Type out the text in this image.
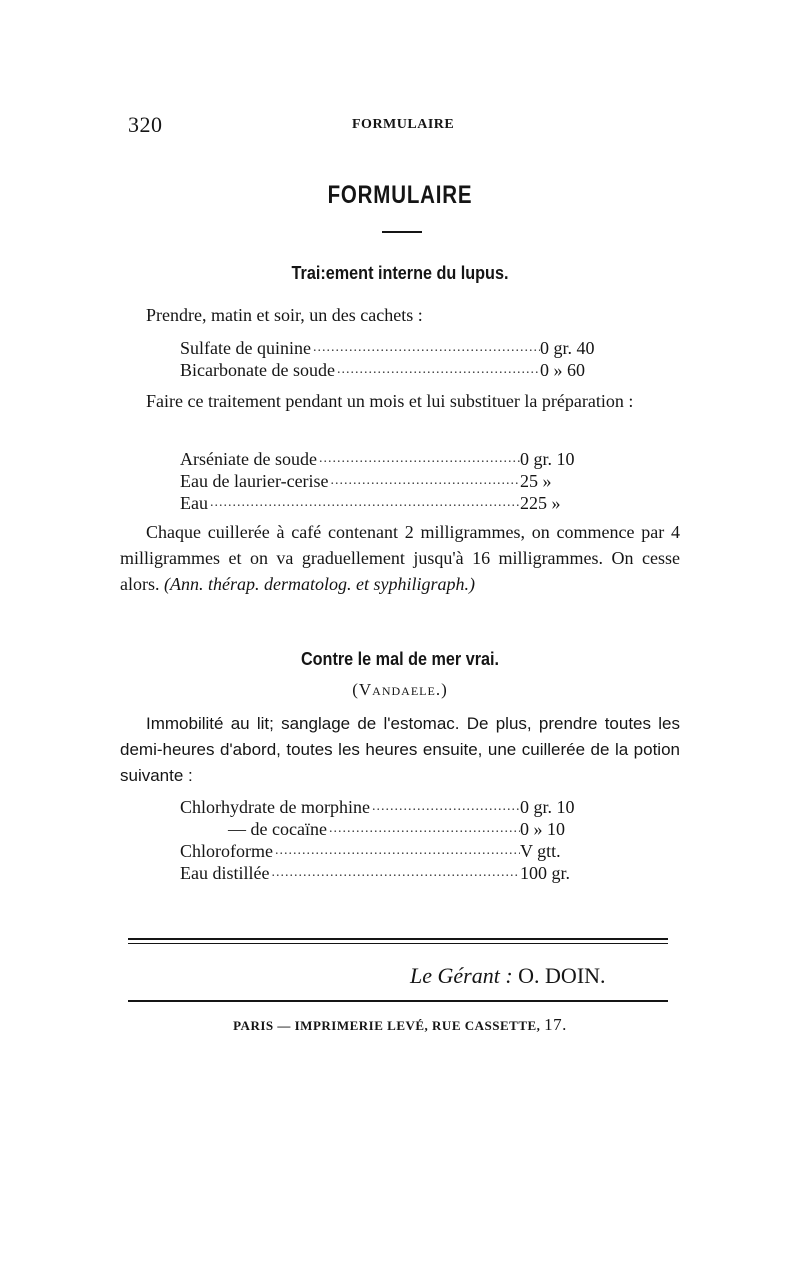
320	FORMULAIRE
FORMULAIRE
Trai:ement interne du lupus.
Prendre, matin et soir, un des cachets :
Sulfate de quinine .....	0 gr. 40
Bicarbonate de soude .....	0 » 60
Faire ce traitement pendant un mois et lui substituer la préparation :
Arséniate de soude .....	0 gr. 10
Eau de laurier-cerise .....	25 »
Eau .....	225 »
Chaque cuillerée à café contenant 2 milligrammes, on commence par 4 milligrammes et on va graduellement jusqu'à 16 milligrammes. On cesse alors. (Ann. thérap. dermatolog. et syphiligraph.)
Contre le mal de mer vrai.
(Vandaele.)
Immobilité au lit; sanglage de l'estomac. De plus, prendre toutes les demi-heures d'abord, toutes les heures ensuite, une cuillerée de la potion suivante :
Chlorhydrate de morphine .....	0 gr. 10
— de cocaïne .....	0 » 10
Chloroforme .....	V gtt.
Eau distillée .....	100 gr.
Le Gérant : O. DOIN.
PARIS — IMPRIMERIE LEVÉ, RUE CASSETTE, 17.
